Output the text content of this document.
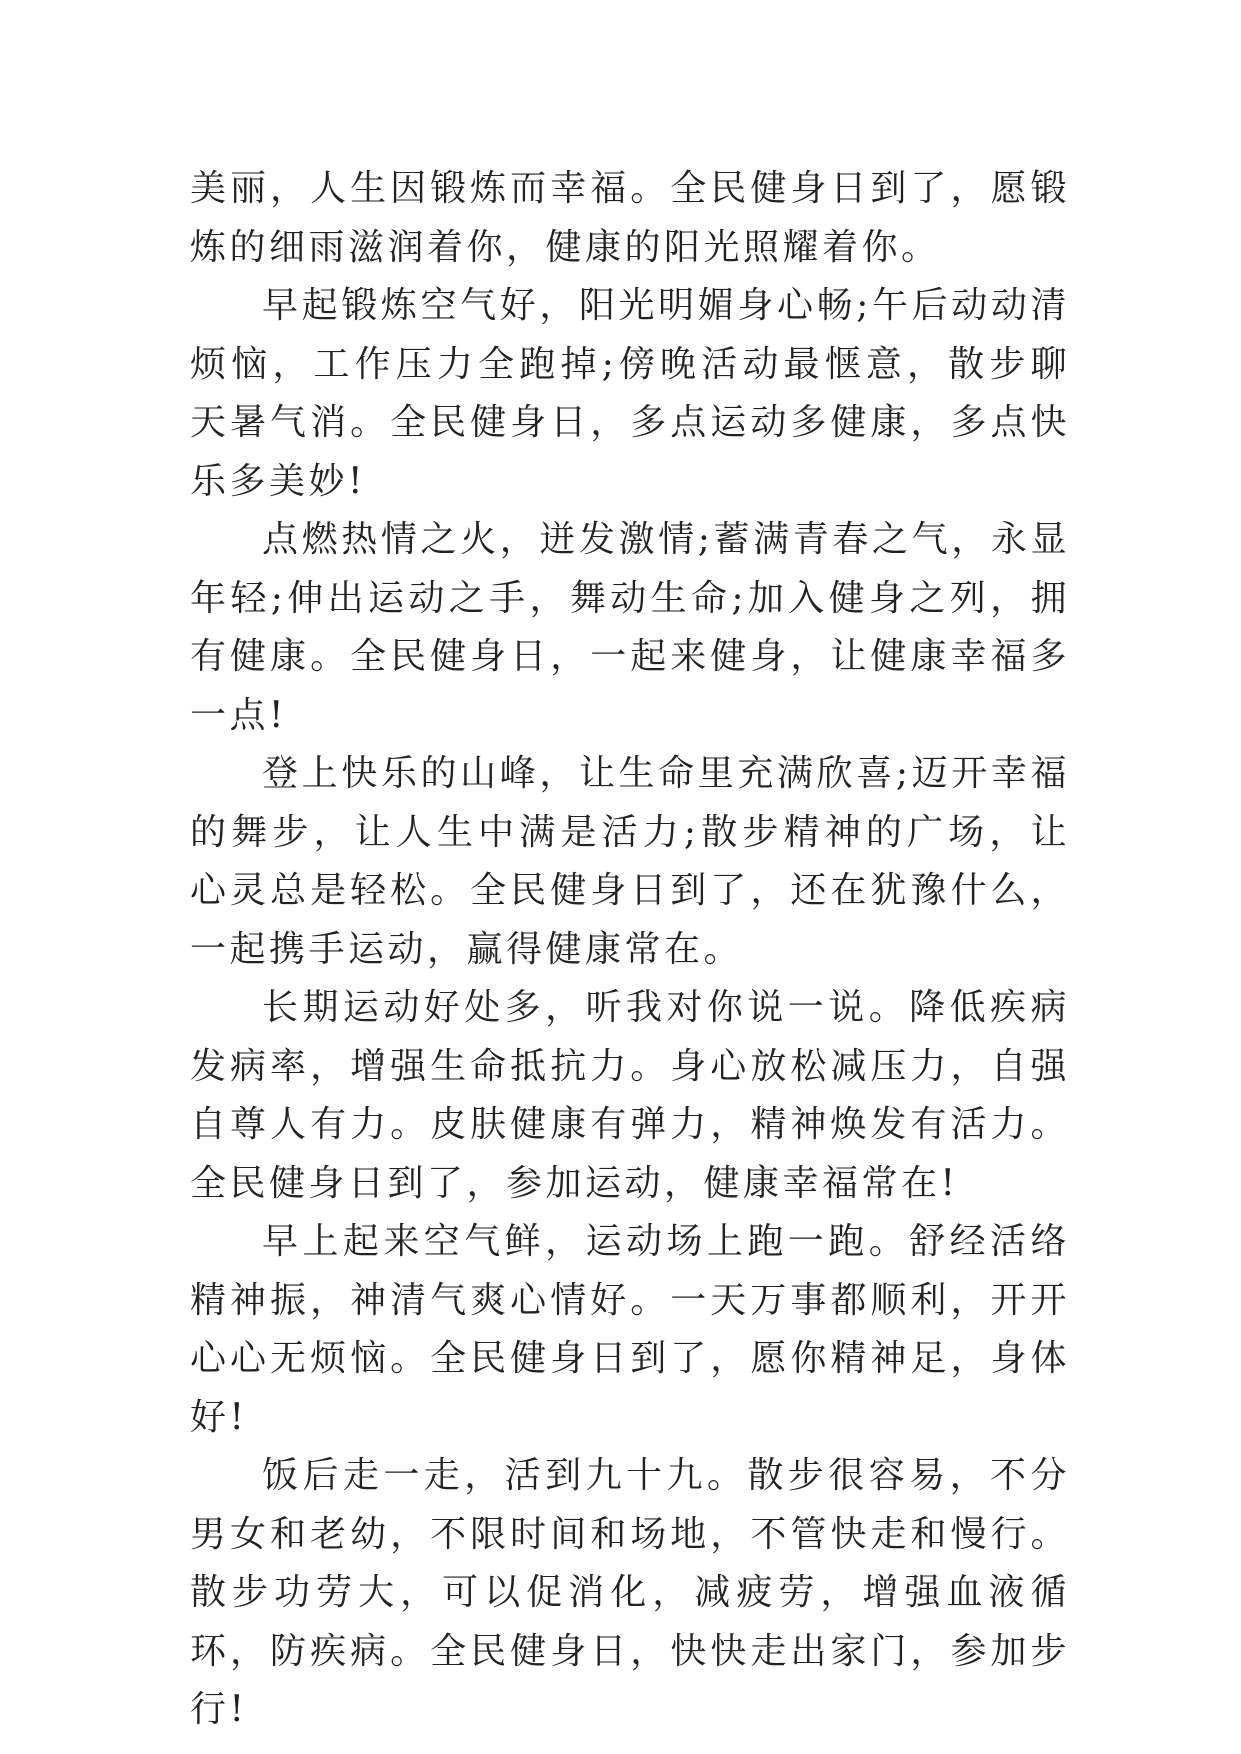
美丽，人生因锻炼而幸福。全民健身日到了，愿锻炼的细雨滋润着你，健康的阳光照耀着你。

早起锻炼空气好，阳光明媚身心畅;午后动动清烦恼，工作压力全跑掉;傍晚活动最惬意，散步聊天暑气消。全民健身日，多点运动多健康，多点快乐多美妙!

点燃热情之火，迸发激情;蓄满青春之气，永显年轻;伸出运动之手，舞动生命;加入健身之列，拥有健康。全民健身日，一起来健身，让健康幸福多一点!

登上快乐的山峰，让生命里充满欣喜;迈开幸福的舞步，让人生中满是活力;散步精神的广场，让心灵总是轻松。全民健身日到了，还在犹豫什么，一起携手运动，赢得健康常在。

长期运动好处多，听我对你说一说。降低疾病发病率，增强生命抵抗力。身心放松减压力，自强自尊人有力。皮肤健康有弹力，精神焕发有活力。全民健身日到了，参加运动，健康幸福常在!

早上起来空气鲜，运动场上跑一跑。舒经活络精神振，神清气爽心情好。一天万事都顺利，开开心心无烦恼。全民健身日到了，愿你精神足，身体好!

饭后走一走，活到九十九。散步很容易，不分男女和老幼，不限时间和场地，不管快走和慢行。散步功劳大，可以促消化，减疲劳，增强血液循环，防疾病。全民健身日，快快走出家门，参加步行!
